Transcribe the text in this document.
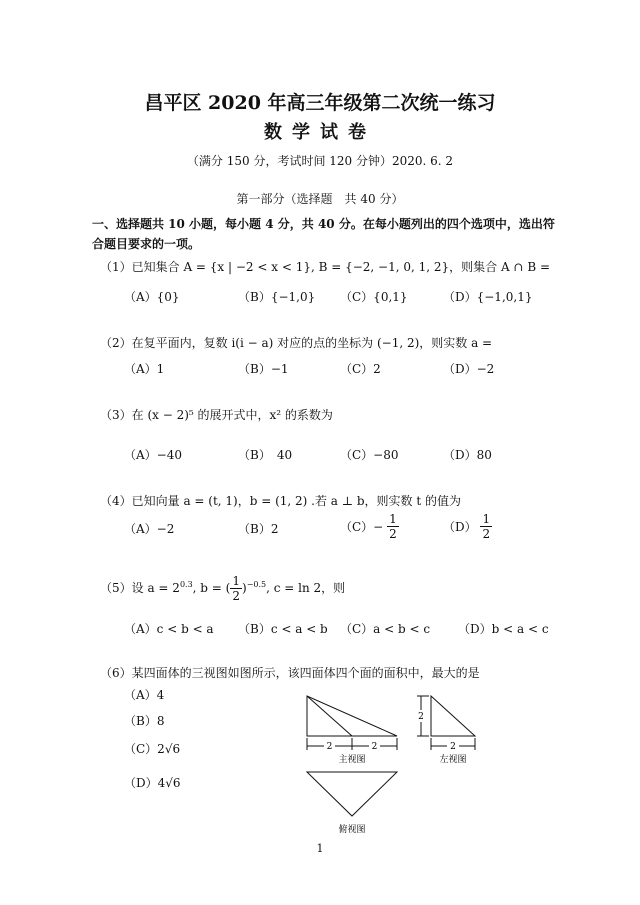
昌平区 2020 年高三年级第二次统一练习
数学试卷
（满分 150 分，考试时间 120 分钟）2020. 6. 2
第一部分（选择题　共 40 分）
一、选择题共 10 小题，每小题 4 分，共 40 分。在每小题列出的四个选项中，选出符合题目要求的一项。
（1）已知集合 A = {x | −2 < x < 1}, B = {−2, −1, 0, 1, 2}，则集合 A ∩ B =
（A）{0}	（B）{−1,0} （C）{0,1}	（D）{−1,0,1}
（2）在复平面内，复数 i(i − a) 对应的点的坐标为 (−1, 2)，则实数 a =
（A）1	（B）−1	（C）2	（D）−2
（3）在 (x − 2)⁵ 的展开式中，x² 的系数为
（A）−40	（B）　40	（C）−80	（D）80
（4）已知向量 a = (t, 1)，b = (1, 2) .若 a ⊥ b，则实数 t 的值为
（A）−2	（B）2	$(C)- \frac{1}{2}$	$(D) \frac{1}{2}$
（5）设 $a = 2^{0.3}$, b = ( $\frac{1}{2} )^{-0.5}$, c = ln 2，则
（A）c < b < a （B）c < a < b （C）a < b < c （D）b < a < c
（6）某四面体的三视图如图所示，该四面体四个面的面积中，最大的是
（A）4
（B）8
（C）2√6
（D）4√6
2	2
主视图
2
2
左视图
俯视图
1
